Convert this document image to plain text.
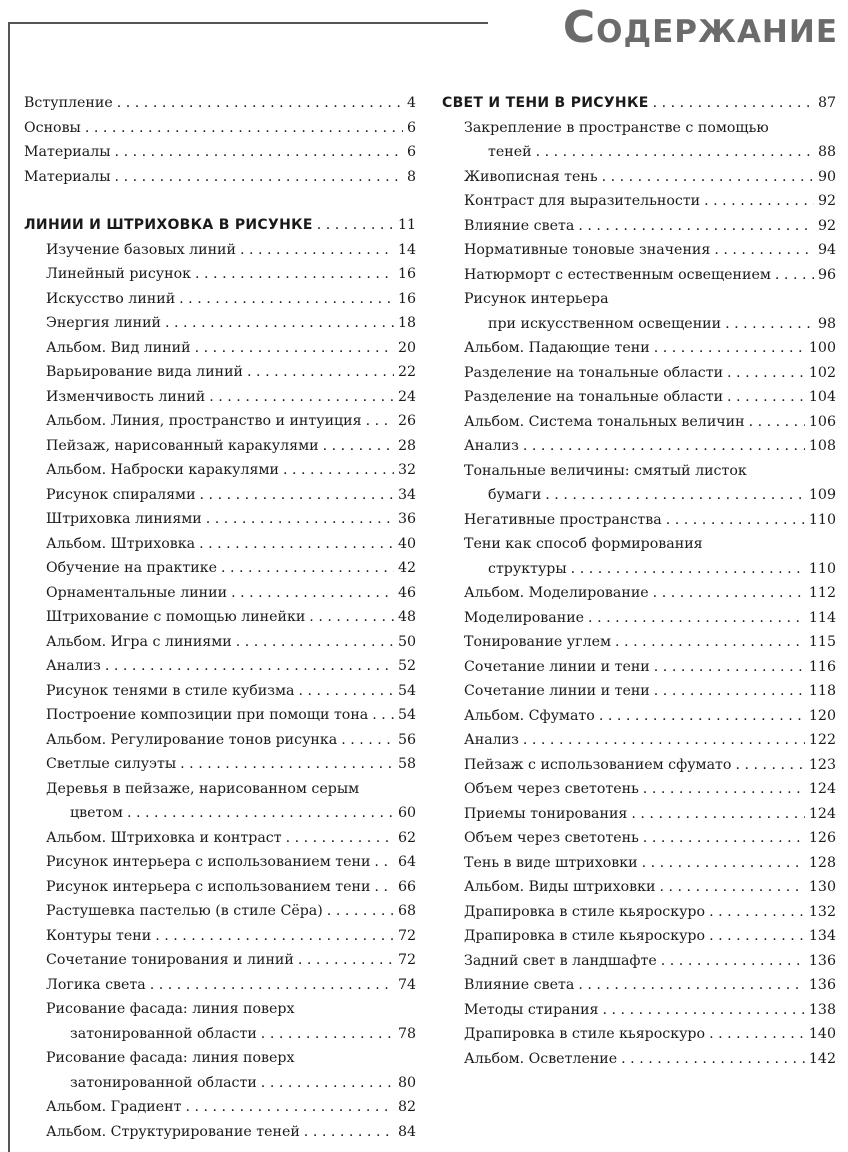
Содержание
Вступление . . .	4
Основы . . .	6
Материалы . . .	6
Материалы . . .	8
ЛИНИИ И ШТРИХОВКА В РИСУНКЕ . . .	11
Изучение базовых линий . . .	14
Линейный рисунок . . .	16
Искусство линий . . .	16
Энергия линий . . .	18
Альбом. Вид линий . . .	20
Варьирование вида линий . . .	22
Изменчивость линий . . .	24
Альбом. Линия, пространство и интуиция . . .	26
Пейзаж, нарисованный каракулями . . .	28
Альбом. Наброски каракулями . . .	32
Рисунок спиралями . . .	34
Штриховка линиями . . .	36
Альбом. Штриховка . . .	40
Обучение на практике . . .	42
Орнаментальные линии . . .	46
Штрихование с помощью линейки . . .	48
Альбом. Игра с линиями . . .	50
Анализ . . .	52
Рисунок тенями в стиле кубизма . . .	54
Построение композиции при помощи тона . . . 54
Альбом. Регулирование тонов рисунка . . .	56
Светлые силуэты . . .	58
Деревья в пейзаже, нарисованном серым
цветом . . .	60
Альбом. Штриховка и контраст . . .	62
Рисунок интерьера с использованием тени . . . 64
Рисунок интерьера с использованием тени . . . 66
Растушевка пастелью (в стиле Сёра) . . .	68
Контуры тени . . .	72
Сочетание тонирования и линий . . .	72
Логика света . . .	74
Рисование фасада: линия поверх
затонированной области . . .	78
Рисование фасада: линия поверх
затонированной области . . .	80
Альбом. Градиент . . .	82
Альбом. Структурирование теней . . .	84
СВЕТ И ТЕНИ В РИСУНКЕ . . .	87
Закрепление в пространстве с помощью
теней . . .	88
Живописная тень . . .	90
Контраст для выразительности . . .	92
Влияние света . . .	92
Нормативные тоновые значения . . .	94
Натюрморт с естественным освещением . . .	96
Рисунок интерьера
при искусственном освещении . . .	98
Альбом. Падающие тени . . .	100
Разделение на тональные области . . .	102
Разделение на тональные области . . .	104
Альбом. Система тональных величин . . .	106
Анализ . . .	108
Тональные величины: смятый листок
бумаги . . .	109
Негативные пространства . . .	110
Тени как способ формирования
структуры . . .	110
Альбом. Моделирование . . .	112
Моделирование . . .	114
Тонирование углем . . .	115
Сочетание линии и тени . . .	116
Сочетание линии и тени . . .	118
Альбом. Сфумато . . .	120
Анализ . . .	122
Пейзаж с использованием сфумато . . .	123
Объем через светотень . . .	124
Приемы тонирования . . .	124
Объем через светотень . . .	126
Тень в виде штриховки . . .	128
Альбом. Виды штриховки . . .	130
Драпировка в стиле кьяроскуро . . .	132
Драпировка в стиле кьяроскуро . . .	134
Задний свет в ландшафте . . .	136
Влияние света . . .	136
Методы стирания . . .	138
Драпировка в стиле кьяроскуро . . .	140
Альбом. Осветление . . .	142
